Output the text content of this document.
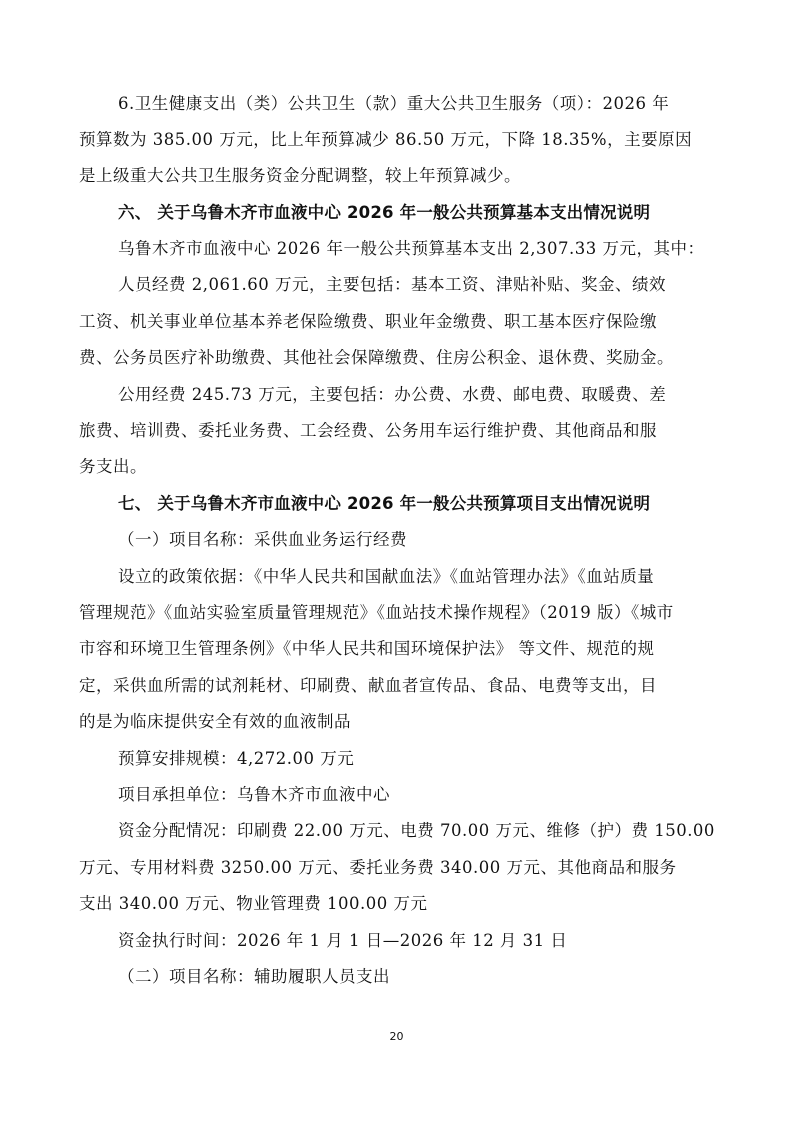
6.卫生健康支出（类）公共卫生（款）重大公共卫生服务（项）：2026 年
预算数为 385.00 万元，比上年预算减少 86.50 万元，下降 18.35%，主要原因
是上级重大公共卫生服务资金分配调整，较上年预算减少。
六、 关于乌鲁木齐市血液中心 2026 年一般公共预算基本支出情况说明
乌鲁木齐市血液中心 2026 年一般公共预算基本支出 2,307.33 万元，其中：
人员经费 2,061.60 万元，主要包括：基本工资、津贴补贴、奖金、绩效
工资、机关事业单位基本养老保险缴费、职业年金缴费、职工基本医疗保险缴
费、公务员医疗补助缴费、其他社会保障缴费、住房公积金、退休费、奖励金。
公用经费 245.73 万元，主要包括：办公费、水费、邮电费、取暖费、差
旅费、培训费、委托业务费、工会经费、公务用车运行维护费、其他商品和服
务支出。
七、 关于乌鲁木齐市血液中心 2026 年一般公共预算项目支出情况说明
（一）项目名称：采供血业务运行经费
设立的政策依据：《中华人民共和国献血法》《血站管理办法》《血站质量
管理规范》《血站实验室质量管理规范》《血站技术操作规程》（2019 版）《城市
市容和环境卫生管理条例》《中华人民共和国环境保护法》 等文件、规范的规
定，采供血所需的试剂耗材、印刷费、献血者宣传品、食品、电费等支出，目
的是为临床提供安全有效的血液制品
预算安排规模：4,272.00 万元
项目承担单位：乌鲁木齐市血液中心
资金分配情况：印刷费 22.00 万元、电费 70.00 万元、维修（护）费 150.00
万元、专用材料费 3250.00 万元、委托业务费 340.00 万元、其他商品和服务
支出 340.00 万元、物业管理费 100.00 万元
资金执行时间：2026 年 1 月 1 日—2026 年 12 月 31 日
（二）项目名称：辅助履职人员支出
20
